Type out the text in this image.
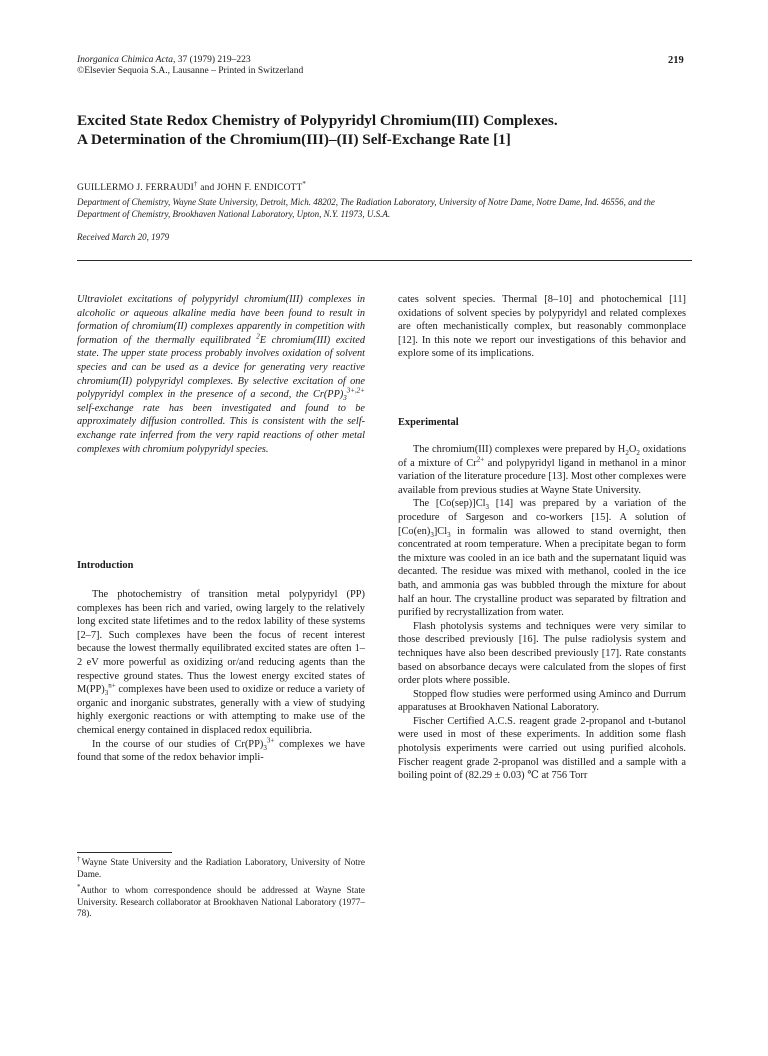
Inorganica Chimica Acta, 37 (1979) 219–223
©Elsevier Sequoia S.A., Lausanne – Printed in Switzerland
219
Excited State Redox Chemistry of Polypyridyl Chromium(III) Complexes.
A Determination of the Chromium(III)–(II) Self-Exchange Rate [1]
GUILLERMO J. FERRAUDI† and JOHN F. ENDICOTT*
Department of Chemistry, Wayne State University, Detroit, Mich. 48202, The Radiation Laboratory, University of Notre Dame, Notre Dame, Ind. 46556, and the Department of Chemistry, Brookhaven National Laboratory, Upton, N.Y. 11973, U.S.A.
Received March 20, 1979
Ultraviolet excitations of polypyridyl chromium(III) complexes in alcoholic or aqueous alkaline media have been found to result in formation of chromium(II) complexes apparently in competition with formation of the thermally equilibrated $^2$E chromium(III) excited state. The upper state process probably involves oxidation of solvent species and can be used as a device for generating very reactive chromium(II) polypyridyl complexes. By selective excitation of one polypyridyl complex in the presence of a second, the $Cr(PP)_3^{3+,2+}$ self-exchange rate has been investigated and found to be approximately diffusion controlled. This is consistent with the self-exchange rate inferred from the very rapid reactions of other metal complexes with chromium polypyridyl species.
Introduction

The photochemistry of transition metal polypyridyl (PP) complexes has been rich and varied, owing largely to the relatively long excited state lifetimes and to the redox lability of these systems [2–7]. Such complexes have been the focus of recent interest because the lowest thermally equilibrated excited states are often 1–2 eV more powerful as oxidizing or/and reducing agents than the respective ground states. Thus the lowest energy excited states of $M(PP)_3^{n+}$ complexes have been used to oxidize or reduce a variety of organic and inorganic substrates, generally with a view of studying highly exergonic reactions or with attempting to make use of the chemical energy contained in displaced redox equilibria.

In the course of our studies of $Cr(PP)_3^{3+}$ complexes we have found that some of the redox behavior impli-

†Wayne State University and the Radiation Laboratory, University of Notre Dame.
*Author to whom correspondence should be addressed at Wayne State University. Research collaborator at Brookhaven National Laboratory (1977–78).

cates solvent species. Thermal [8–10] and photochemical [11] oxidations of solvent species by polypyridyl and related complexes are often mechanistically complex, but reasonably commonplace [12]. In this note we report our investigations of this behavior and explore some of its implications.

Experimental

The chromium(III) complexes were prepared by $H_2O_2$ oxidations of a mixture of $Cr^{2+}$ and polypyridyl ligand in methanol in a minor variation of the literature procedure [13]. Most other complexes were available from previous studies at Wayne State University.

The $[Co(sep)]Cl_3$ [14] was prepared by a variation of the procedure of Sargeson and co-workers [15]. A solution of $[Co(en)_3]Cl_3$ in formalin was allowed to stand overnight, then concentrated at room temperature. When a precipitate began to form the mixture was cooled in an ice bath and the supernatant liquid was decanted. The residue was mixed with methanol, cooled in the ice bath, and ammonia gas was bubbled through the mixture for about half an hour. The crystalline product was separated by filtration and purified by recrystallization from water.

Flash photolysis systems and techniques were very similar to those described previously [16]. The pulse radiolysis system and techniques have also been described previously [17]. Rate constants based on absorbance decays were calculated from the slopes of first order plots where possible.

Stopped flow studies were performed using Aminco and Durrum apparatuses at Brookhaven National Laboratory.

Fischer Certified A.C.S. reagent grade 2-propanol and t-butanol were used in most of these experiments. In addition some flash photolysis experiments were carried out using purified alcohols. Fischer reagent grade 2-propanol was distilled and a sample with a boiling point of (82.29 ± 0.03) ℃ at 756 Torr
